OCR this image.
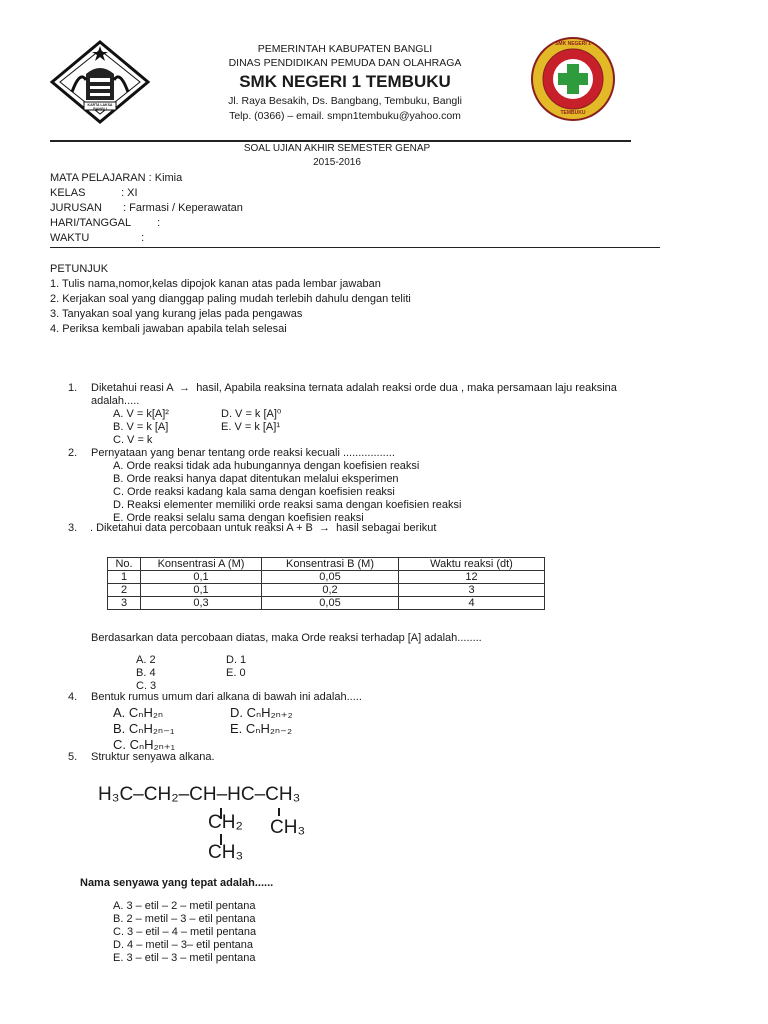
KARTA LAKSA BANGLI
SMK NEGERI 1
TEMBUKU
PEMERINTAH KABUPATEN BANGLI
DINAS PENDIDIKAN PEMUDA DAN OLAHRAGA
SMK NEGERI 1 TEMBUKU
Jl. Raya Besakih, Ds. Bangbang, Tembuku, Bangli
Telp. (0366) – email. smpn1tembuku@yahoo.com
SOAL UJIAN AKHIR SEMESTER GENAP
2015-2016
MATA PELAJARAN : Kimia
KELAS	: XI
JURUSAN : Farmasi / Keperawatan
HARI/TANGGAL :
WAKTU	:
PETUNJUK
1. Tulis nama,nomor,kelas dipojok kanan atas pada lembar jawaban
2. Kerjakan soal yang dianggap paling mudah terlebih dahulu dengan teliti
3. Tanyakan soal yang kurang jelas pada pengawas
4. Periksa kembali jawaban apabila telah selesai
1. Diketahui reasi A  →  hasil, Apabila reaksina ternata adalah reaksi orde dua , maka persamaan laju reaksina
adalah.....
A. V = k[A]²	D. V = k [A]⁰
B. V = k [A]	E. V = k [A]¹
C. V = k
2. Pernyataan yang benar tentang orde reaksi kecuali .................
A. Orde reaksi tidak ada hubungannya dengan koefisien reaksi
B. Orde reaksi hanya dapat ditentukan melalui eksperimen
C. Orde reaksi kadang kala sama dengan koefisien reaksi
D. Reaksi elementer memiliki orde reaksi sama dengan koefisien reaksi
E. Orde reaksi selalu sama dengan koefisien reaksi
3. . Diketahui data percobaan untuk reaksi A + B  →  hasil sebagai berikut
No.	Konsentrasi A (M)	Konsentrasi B (M)	Waktu reaksi (dt)
1	0,1	0,05	12
2	0,1	0,2	3
3	0,3	0,05	4
Berdasarkan data percobaan diatas, maka Orde reaksi terhadap [A] adalah........
A. 2	D. 1
B. 4	E. 0
C. 3
4. Bentuk rumus umum dari alkana di bawah ini adalah.....
A. CₙH₂ₙ	D. CₙH₂ₙ₊₂
B. CₙH₂ₙ₋₁	E. CₙH₂ₙ₋₂
C. CₙH₂ₙ₊₁
5. Struktur senyawa alkana.
H₃C–CH₂–CH–HC–CH₃
CH₂
CH₃
CH₃
Nama senyawa yang tepat adalah......
A. 3 – etil – 2 – metil pentana
B. 2 – metil – 3 – etil pentana
C. 3 – etil – 4 – metil pentana
D. 4 – metil – 3– etil pentana
E. 3 – etil – 3 – metil pentana
